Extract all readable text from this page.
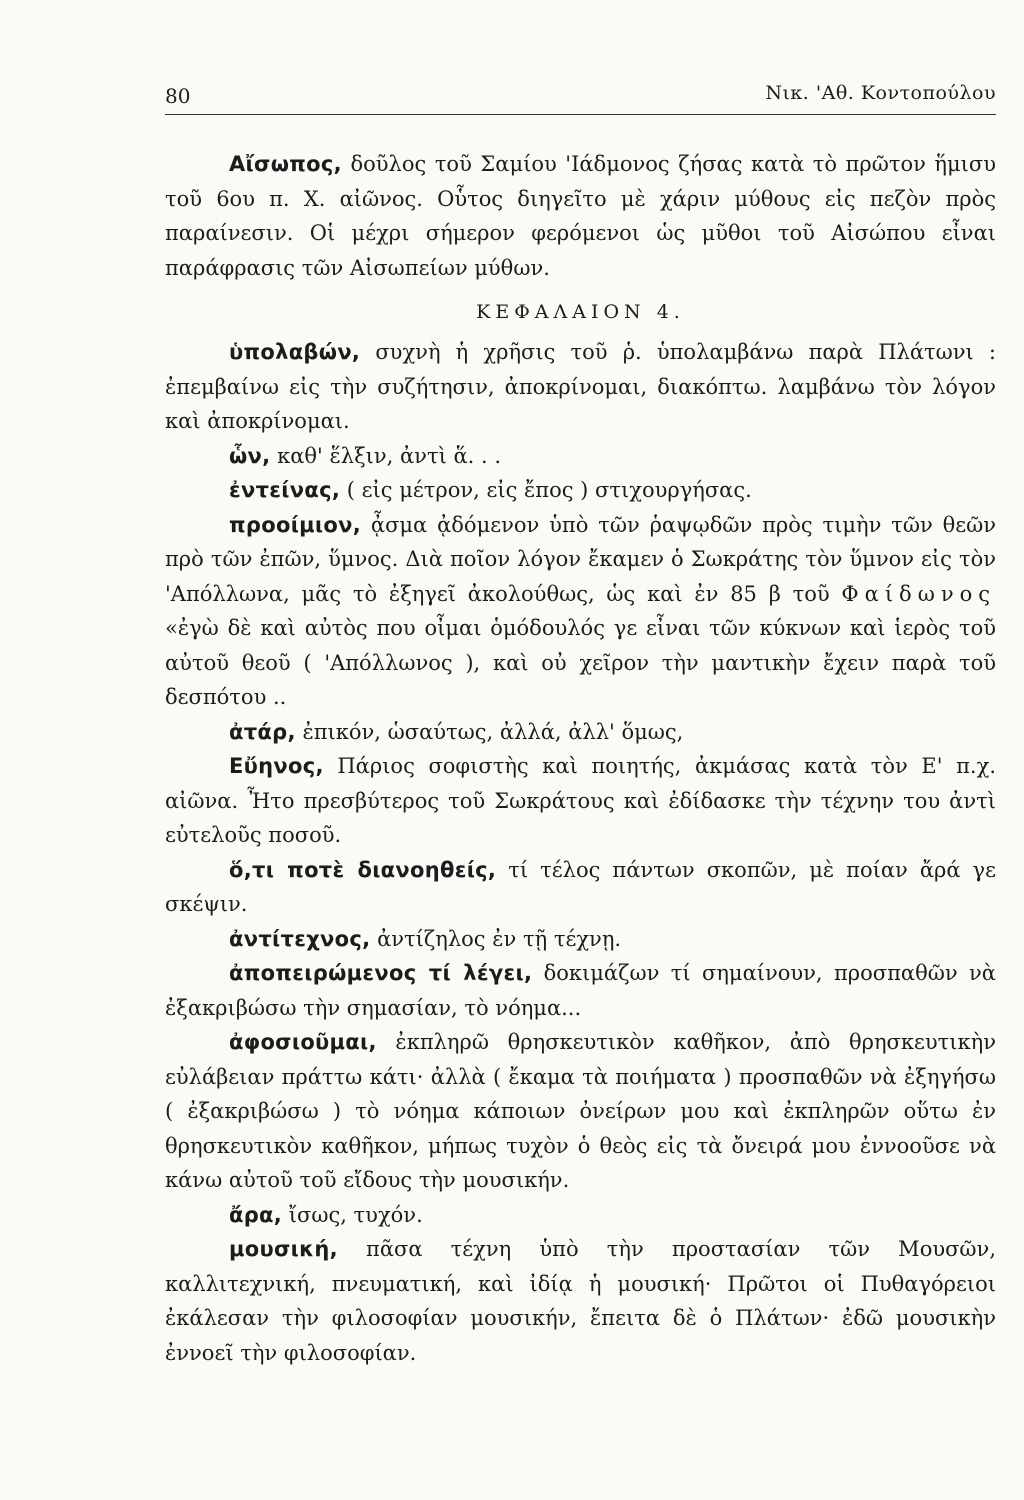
80	Νικ. 'Αθ. Κοντοπούλου

Αἴσωπος, δοῦλος τοῦ Σαμίου 'Ιάδμονος ζήσας κατὰ τὸ πρῶτον ἥμισυ τοῦ 6ου π. Χ. αἰῶνος. Οὗτος διηγεῖτο μὲ χάριν μύθους εἰς πεζὸν πρὸς παραίνεσιν. Οἱ μέχρι σήμερον φερόμενοι ὡς μῦθοι τοῦ Αἰσώπου εἶναι παράφρασις τῶν Αἰσωπείων μύθων.

ΚΕΦΑΛΑΙΟΝ 4.

ὑπολαβών, συχνὴ ἡ χρῆσις τοῦ ῥ. ὑπολαμβάνω παρὰ Πλάτωνι : ἐπεμβαίνω εἰς τὴν συζήτησιν, ἀποκρίνομαι, διακόπτω. λαμβάνω τὸν λόγον καὶ ἀποκρίνομαι.

ὧν, καθ' ἕλξιν, ἀντὶ ἅ. . .

ἐντείνας, ( εἰς μέτρον, εἰς ἔπος ) στιχουργήσας.

προοίμιον, ᾆσμα ᾀδόμενον ὑπὸ τῶν ῥαψῳδῶν πρὸς τιμὴν τῶν θεῶν πρὸ τῶν ἐπῶν, ὕμνος. Διὰ ποῖον λόγον ἔκαμεν ὁ Σωκράτης τὸν ὕμνον εἰς τὸν 'Απόλλωνα, μᾶς τὸ ἐξηγεῖ ἀκολούθως, ὡς καὶ ἐν 85 β τοῦ Φαίδωνος «ἐγὼ δὲ καὶ αὐτὸς που οἶμαι ὁμόδουλός γε εἶναι τῶν κύκνων καὶ ἱερὸς τοῦ αὐτοῦ θεοῦ ( 'Απόλλωνος ), καὶ οὐ χεῖρον τὴν μαντικὴν ἔχειν παρὰ τοῦ δεσπότου ..

ἀτάρ, ἐπικόν, ὡσαύτως, ἀλλά, ἀλλ' ὅμως,

Εὔηνος, Πάριος σοφιστὴς καὶ ποιητής, ἀκμάσας κατὰ τὸν Ε' π.χ. αἰῶνα. Ἦτο πρεσβύτερος τοῦ Σωκράτους καὶ ἐδίδασκε τὴν τέχνην του ἀντὶ εὐτελοῦς ποσοῦ.

ὅ,τι ποτὲ διανοηθείς, τί τέλος πάντων σκοπῶν, μὲ ποίαν ἄρά γε σκέψιν.

ἀντίτεχνος, ἀντίζηλος ἐν τῇ τέχνῃ.

ἀποπειρώμενος τί λέγει, δοκιμάζων τί σημαίνουν, προσπαθῶν νὰ ἐξακριβώσω τὴν σημασίαν, τὸ νόημα...

ἀφοσιοῦμαι, ἐκπληρῶ θρησκευτικὸν καθῆκον, ἀπὸ θρησκευτικὴν εὐλάβειαν πράττω κάτι· ἀλλὰ ( ἔκαμα τὰ ποιήματα ) προσπαθῶν νὰ ἐξηγήσω ( ἐξακριβώσω ) τὸ νόημα κάποιων ὀνείρων μου καὶ ἐκπληρῶν οὕτω ἐν θρησκευτικὸν καθῆκον, μήπως τυχὸν ὁ θεὸς εἰς τὰ ὄνειρά μου ἐννοοῦσε νὰ κάνω αὐτοῦ τοῦ εἴδους τὴν μουσικήν.

ἄρα, ἴσως, τυχόν.

μουσική, πᾶσα τέχνη ὑπὸ τὴν προστασίαν τῶν Μουσῶν, καλλιτεχνική, πνευματική, καὶ ἰδίᾳ ἡ μουσική· Πρῶτοι οἱ Πυθαγόρειοι ἐκάλεσαν τὴν φιλοσοφίαν μουσικήν, ἔπειτα δὲ ὁ Πλάτων· ἐδῶ μουσικὴν ἐννοεῖ τὴν φιλοσοφίαν.
